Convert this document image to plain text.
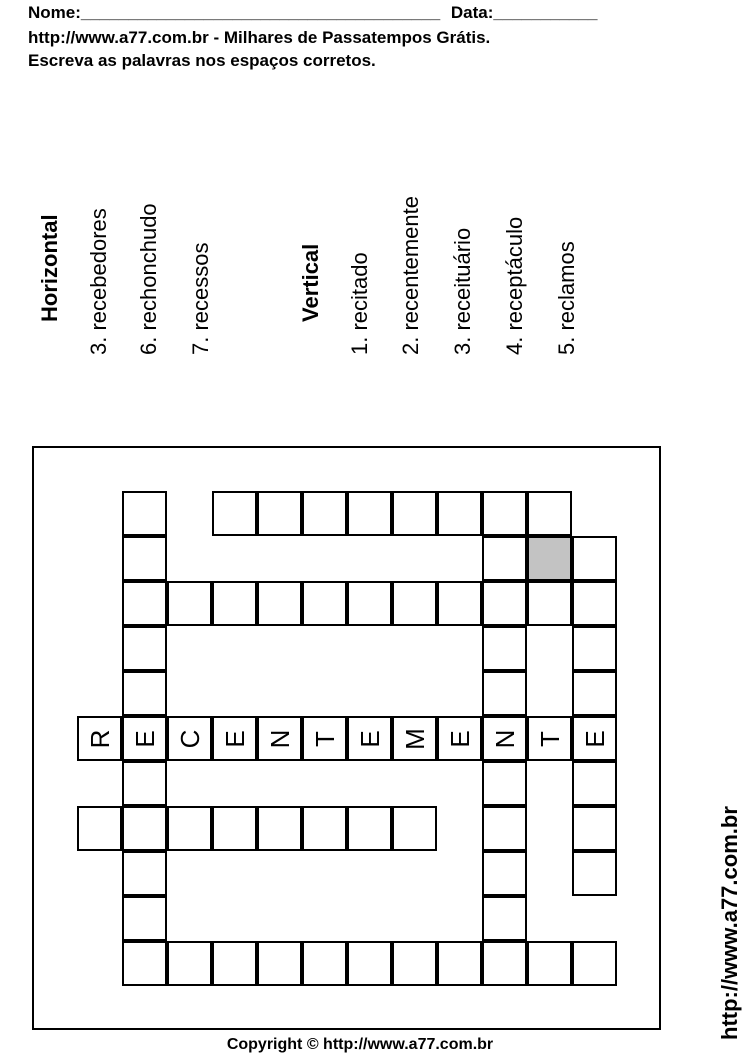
Nome:______________________________________ Data:___________
http://www.a77.com.br - Milhares de Passatempos Grátis.
Escreva as palavras nos espaços corretos.
Horizontal 3. recebedores 6. rechonchudo 7. recessos	Vertical 1. recitado 2. recentemente 3. receituário 4. receptáculo 5. reclamos
R E C E N T E M E N T E
http://www.a77.com.br
Copyright © http://www.a77.com.br
